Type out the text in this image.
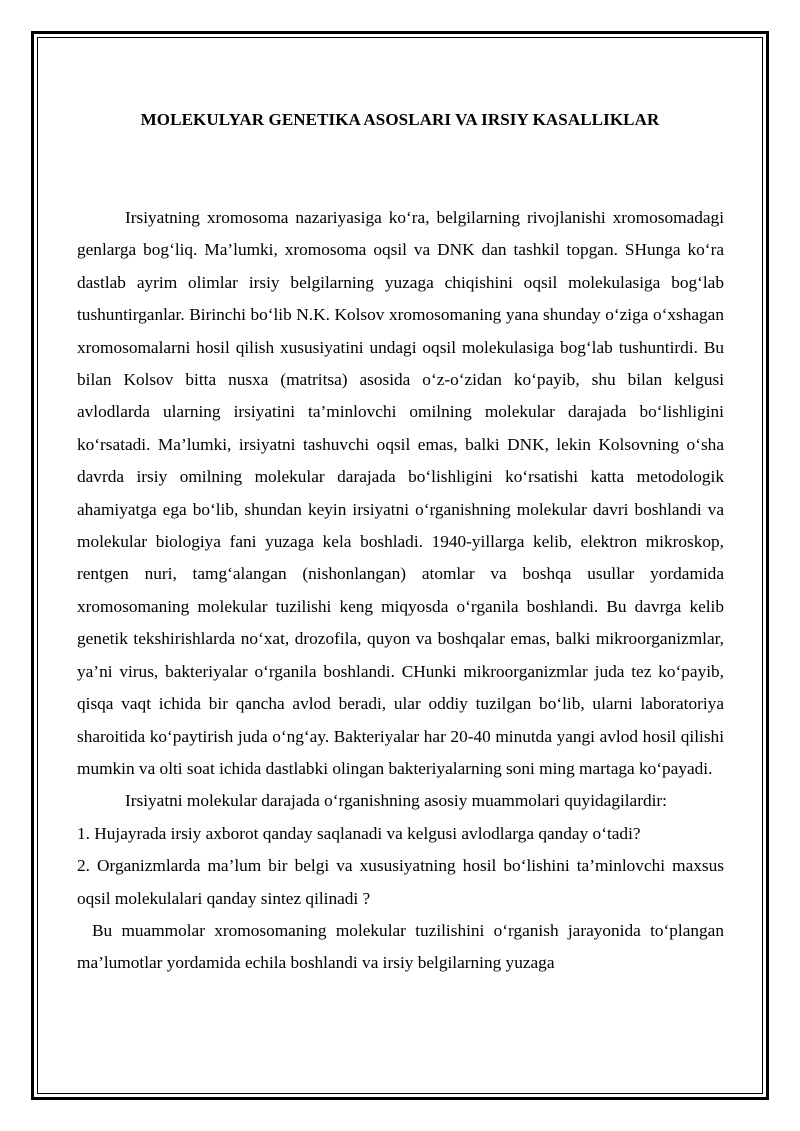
MOLEKULYAR GENETIKA ASOSLARI VA IRSIY KASALLIKLAR

Irsiyatning xromosoma nazariyasiga ko‘ra, belgilarning rivojlanishi xromosomadagi genlarga bog‘liq. Ma’lumki, xromosoma oqsil va DNK dan tashkil topgan. SHunga ko‘ra dastlab ayrim olimlar irsiy belgilarning yuzaga chiqishini oqsil molekulasiga bog‘lab tushuntirganlar. Birinchi bo‘lib N.K. Kolsov xromosomaning yana shunday o‘ziga o‘xshagan xromosomalarni hosil qilish xususiyatini undagi oqsil molekulasiga bog‘lab tushuntirdi. Bu bilan Kolsov bitta nusxa (matritsa) asosida o‘z-o‘zidan ko‘payib, shu bilan kelgusi avlodlarda ularning irsiyatini ta’minlovchi omilning molekular darajada bo‘lishligini ko‘rsatadi. Ma’lumki, irsiyatni tashuvchi oqsil emas, balki DNK, lekin Kolsovning o‘sha davrda irsiy omilning molekular darajada bo‘lishligini ko‘rsatishi katta metodologik ahamiyatga ega bo‘lib, shundan keyin irsiyatni o‘rganishning molekular davri boshlandi va molekular biologiya fani yuzaga kela boshladi. 1940-yillarga kelib, elektron mikroskop, rentgen nuri, tamg‘alangan (nishonlangan) atomlar va boshqa usullar yordamida xromosomaning molekular tuzilishi keng miqyosda o‘rganila boshlandi. Bu davrga kelib genetik tekshirishlarda no‘xat, drozofila, quyon va boshqalar emas, balki mikroorganizmlar, ya’ni virus, bakteriyalar o‘rganila boshlandi. CHunki mikroorganizmlar juda tez ko‘payib, qisqa vaqt ichida bir qancha avlod beradi, ular oddiy tuzilgan bo‘lib, ularni laboratoriya sharoitida ko‘paytirish juda o‘ng‘ay. Bakteriyalar har 20-40 minutda yangi avlod hosil qilishi mumkin va olti soat ichida dastlabki olingan bakteriyalarning soni ming martaga ko‘payadi.

Irsiyatni molekular darajada o‘rganishning asosiy muammolari quyidagilardir:

1. Hujayrada irsiy axborot qanday saqlanadi va kelgusi avlodlarga qanday o‘tadi?

2. Organizmlarda ma’lum bir belgi va xususiyatning hosil bo‘lishini ta’minlovchi maxsus oqsil molekulalari qanday sintez qilinadi ?

Bu muammolar xromosomaning molekular tuzilishini o‘rganish jarayonida to‘plangan ma’lumotlar yordamida echila boshlandi va irsiy belgilarning yuzaga
